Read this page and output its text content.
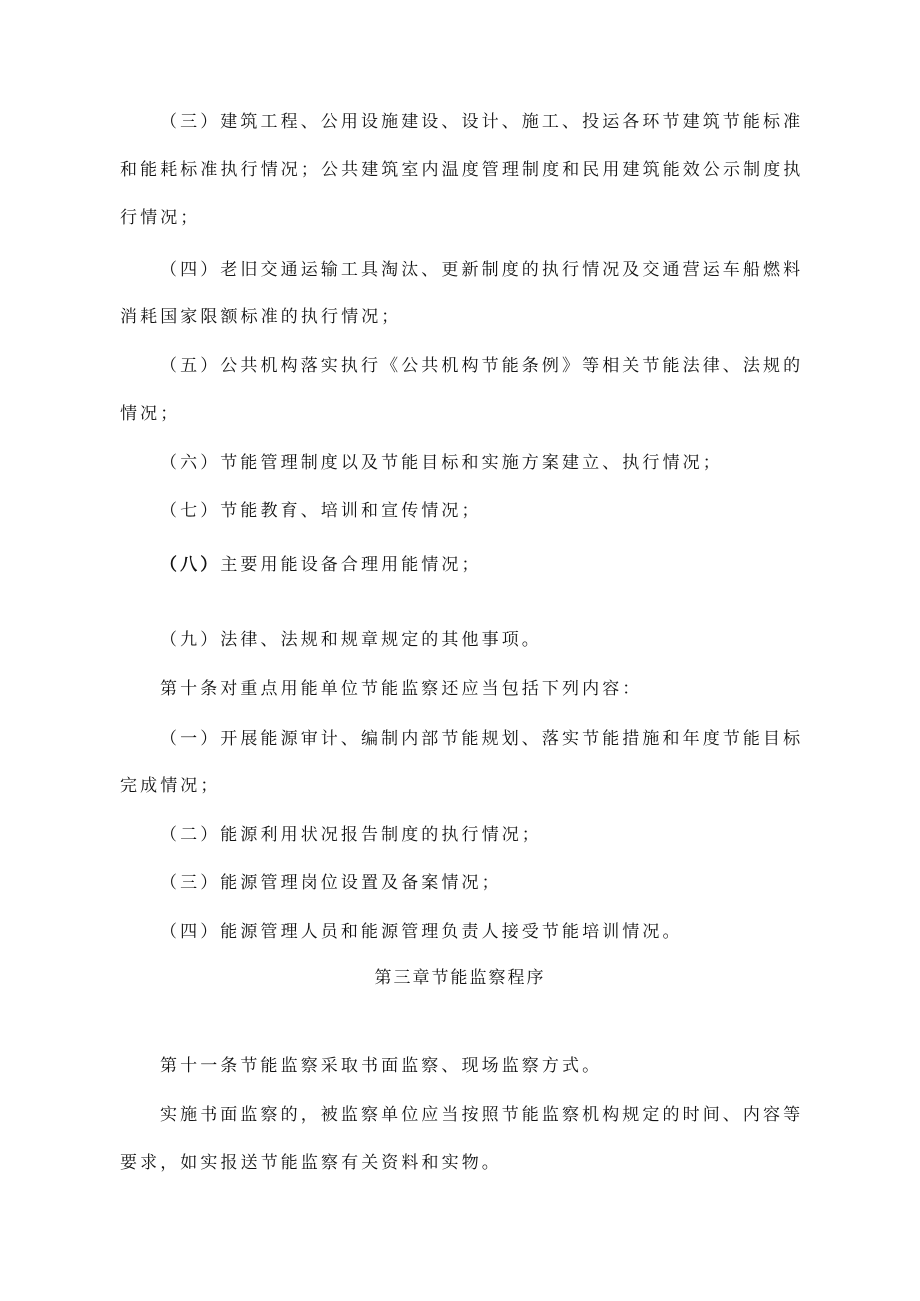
（三）建筑工程、公用设施建设、设计、施工、投运各环节建筑节能标准
和能耗标准执行情况；公共建筑室内温度管理制度和民用建筑能效公示制度执
行情况；
（四）老旧交通运输工具淘汰、更新制度的执行情况及交通营运车船燃料
消耗国家限额标准的执行情况；
（五）公共机构落实执行《公共机构节能条例》等相关节能法律、法规的
情况；
（六）节能管理制度以及节能目标和实施方案建立、执行情况；
（七）节能教育、培训和宣传情况；
（八）主要用能设备合理用能情况；
（九）法律、法规和规章规定的其他事项。
第十条对重点用能单位节能监察还应当包括下列内容：
（一）开展能源审计、编制内部节能规划、落实节能措施和年度节能目标
完成情况；
（二）能源利用状况报告制度的执行情况；
（三）能源管理岗位设置及备案情况；
（四）能源管理人员和能源管理负责人接受节能培训情况。
第三章节能监察程序
第十一条节能监察采取书面监察、现场监察方式。
实施书面监察的，被监察单位应当按照节能监察机构规定的时间、内容等
要求，如实报送节能监察有关资料和实物。
